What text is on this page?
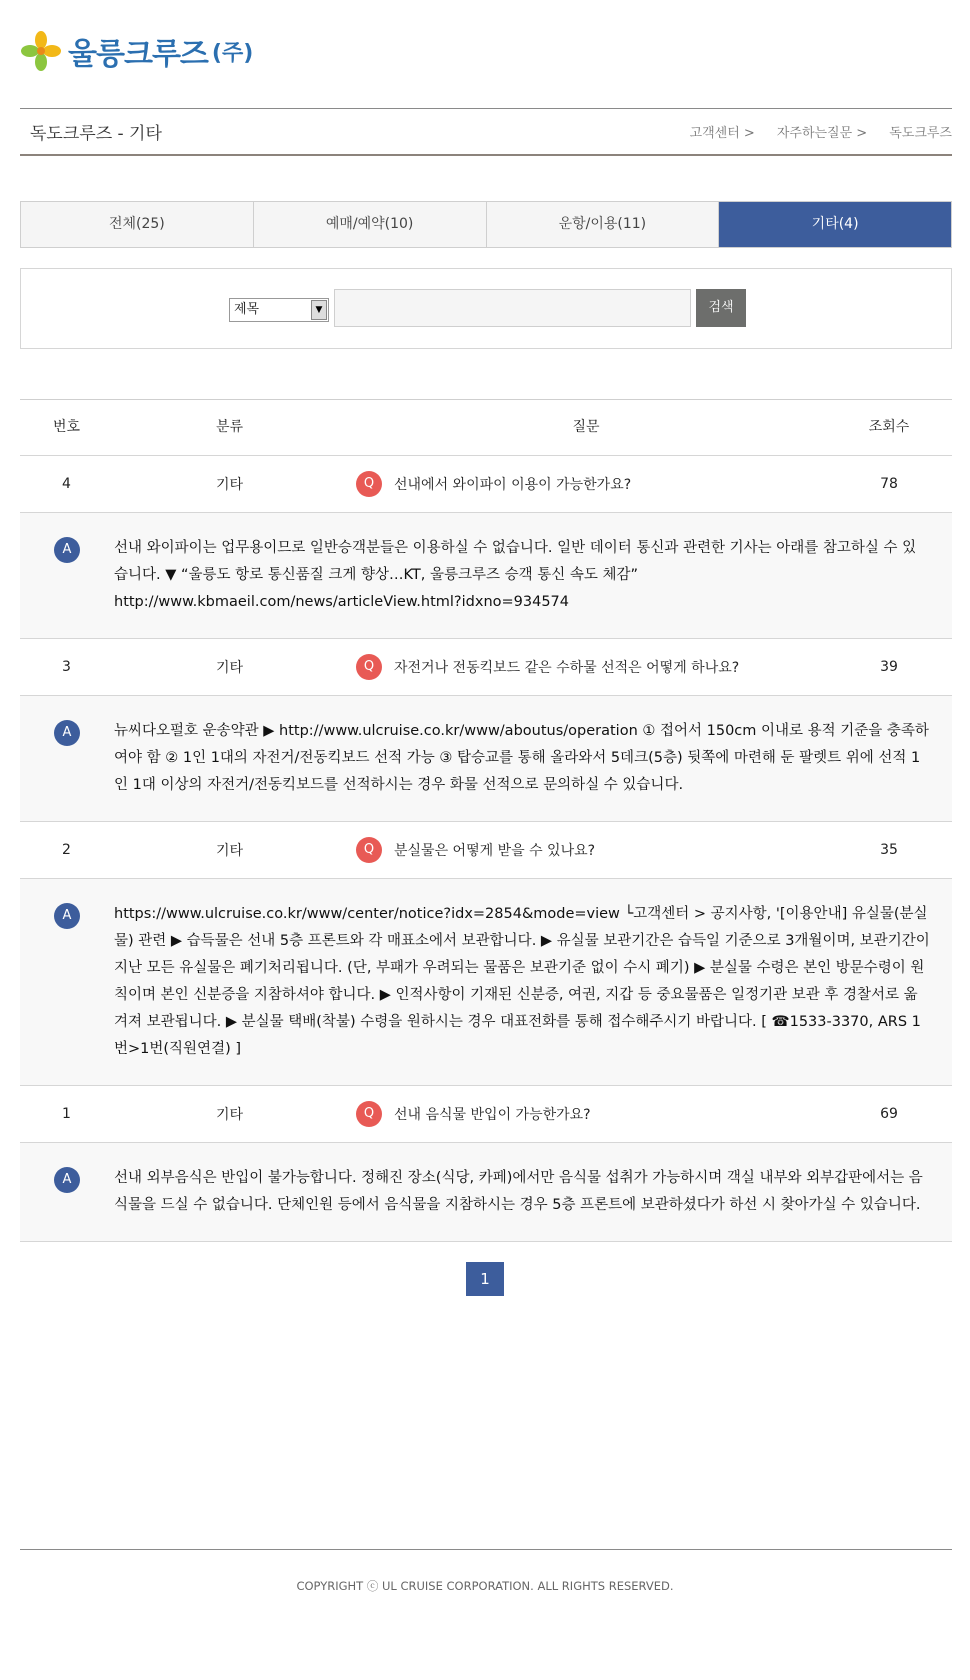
울릉크루즈 (주)
독도크루즈 - 기타	고객센터 > 자주하는질문 > 독도크루즈
전체(25)	예매/예약(10)	운항/이용(11)	기타(4)
제목	▼	검색
번호	분류	질문	조회수
4	기타	Q	선내에서 와이파이 이용이 가능한가요?	78
A	선내 와이파이는 업무용이므로 일반승객분들은 이용하실 수 없습니다. 일반 데이터 통신과 관련한 기사는 아래를 참고하실 수 있습니다. ▼ “울릉도 항로 통신품질 크게 향상…KT, 울릉크루즈 승객 통신 속도 체감” http://www.kbmaeil.com/news/articleView.html?idxno=934574
3	기타	Q	자전거나 전동킥보드 같은 수하물 선적은 어떻게 하나요?	39
A	뉴씨다오펄호 운송약관 ▶ http://www.ulcruise.co.kr/www/aboutus/operation ① 접어서 150cm 이내로 용적 기준을 충족하여야 함 ② 1인 1대의 자전거/전동킥보드 선적 가능 ③ 탑승교를 통해 올라와서 5데크(5층) 뒷쪽에 마련해 둔 팔렛트 위에 선적 1인 1대 이상의 자전거/전동킥보드를 선적하시는 경우 화물 선적으로 문의하실 수 있습니다.
2	기타	Q	분실물은 어떻게 받을 수 있나요?	35
A	https://www.ulcruise.co.kr/www/center/notice?idx=2854&mode=view └고객센터 > 공지사항, '[이용안내] 유실물(분실물) 관련 ▶ 습득물은 선내 5층 프론트와 각 매표소에서 보관합니다. ▶ 유실물 보관기간은 습득일 기준으로 3개월이며, 보관기간이 지난 모든 유실물은 폐기처리됩니다. (단, 부패가 우려되는 물품은 보관기준 없이 수시 폐기) ▶ 분실물 수령은 본인 방문수령이 원칙이며 본인 신분증을 지참하셔야 합니다. ▶ 인적사항이 기재된 신분증, 여권, 지갑 등 중요물품은 일정기관 보관 후 경찰서로 옮겨져 보관됩니다. ▶ 분실물 택배(착불) 수령을 원하시는 경우 대표전화를 통해 접수해주시기 바랍니다. [ ☎1533-3370, ARS 1번>1번(직원연결) ]
1	기타	Q	선내 음식물 반입이 가능한가요?	69
A	선내 외부음식은 반입이 불가능합니다. 정해진 장소(식당, 카페)에서만 음식물 섭취가 가능하시며 객실 내부와 외부갑판에서는 음식물을 드실 수 없습니다. 단체인원 등에서 음식물을 지참하시는 경우 5층 프론트에 보관하셨다가 하선 시 찾아가실 수 있습니다.
1
COPYRIGHT ⓒ UL CRUISE CORPORATION. ALL RIGHTS RESERVED.
